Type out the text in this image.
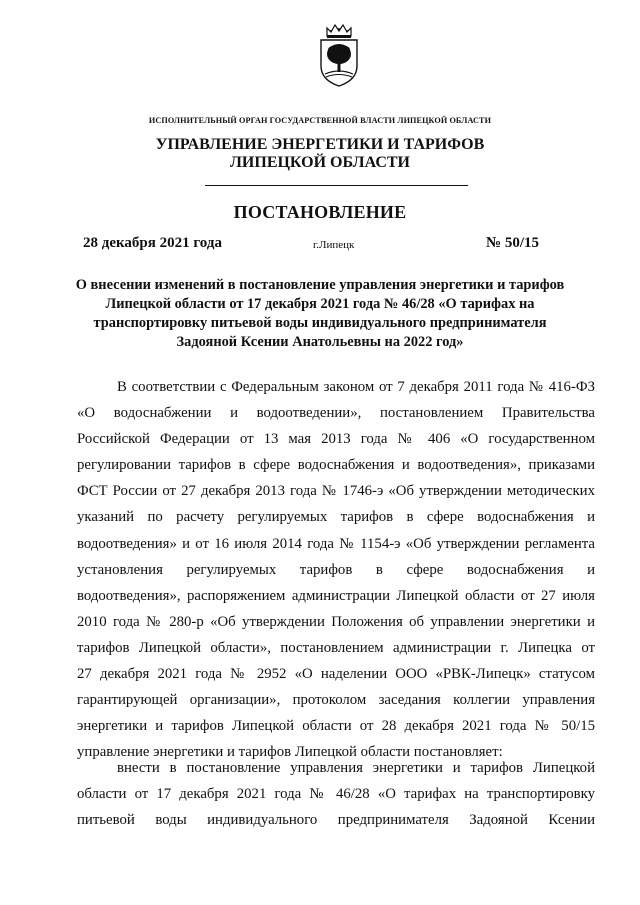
ИСПОЛНИТЕЛЬНЫЙ ОРГАН ГОСУДАРСТВЕННОЙ ВЛАСТИ ЛИПЕЦКОЙ ОБЛАСТИ
УПРАВЛЕНИЕ ЭНЕРГЕТИКИ И ТАРИФОВ
ЛИПЕЦКОЙ ОБЛАСТИ
ПОСТАНОВЛЕНИЕ
28 декабря 2021 года	г.Липецк	№ 50/15
О внесении изменений в постановление управления энергетики и тарифов
Липецкой области от 17 декабря 2021 года № 46/28 «О тарифах на
транспортировку питьевой воды индивидуального предпринимателя
Задояной Ксении Анатольевны на 2022 год»
В соответствии с Федеральным законом от 7 декабря 2011 года № 416-ФЗ
«О водоснабжении и водоотведении», постановлением Правительства
Российской Федерации от 13 мая 2013 года № 406 «О государственном
регулировании тарифов в сфере водоснабжения и водоотведения», приказами
ФСТ России от 27 декабря 2013 года № 1746-э «Об утверждении методических
указаний по расчету регулируемых тарифов в сфере водоснабжения и
водоотведения» и от 16 июля 2014 года № 1154-э «Об утверждении регламента
установления регулируемых тарифов в сфере водоснабжения и
водоотведения», распоряжением администрации Липецкой области от 27 июля
2010 года № 280-р «Об утверждении Положения об управлении энергетики и
тарифов Липецкой области», постановлением администрации г. Липецка от
27 декабря 2021 года № 2952 «О наделении ООО «РВК-Липецк» статусом
гарантирующей организации», протоколом заседания коллегии управления
энергетики и тарифов Липецкой области от 28 декабря 2021 года № 50/15
управление энергетики и тарифов Липецкой области постановляет:
внести в постановление управления энергетики и тарифов Липецкой
области от 17 декабря 2021 года № 46/28 «О тарифах на транспортировку
питьевой воды индивидуального предпринимателя Задояной Ксении
